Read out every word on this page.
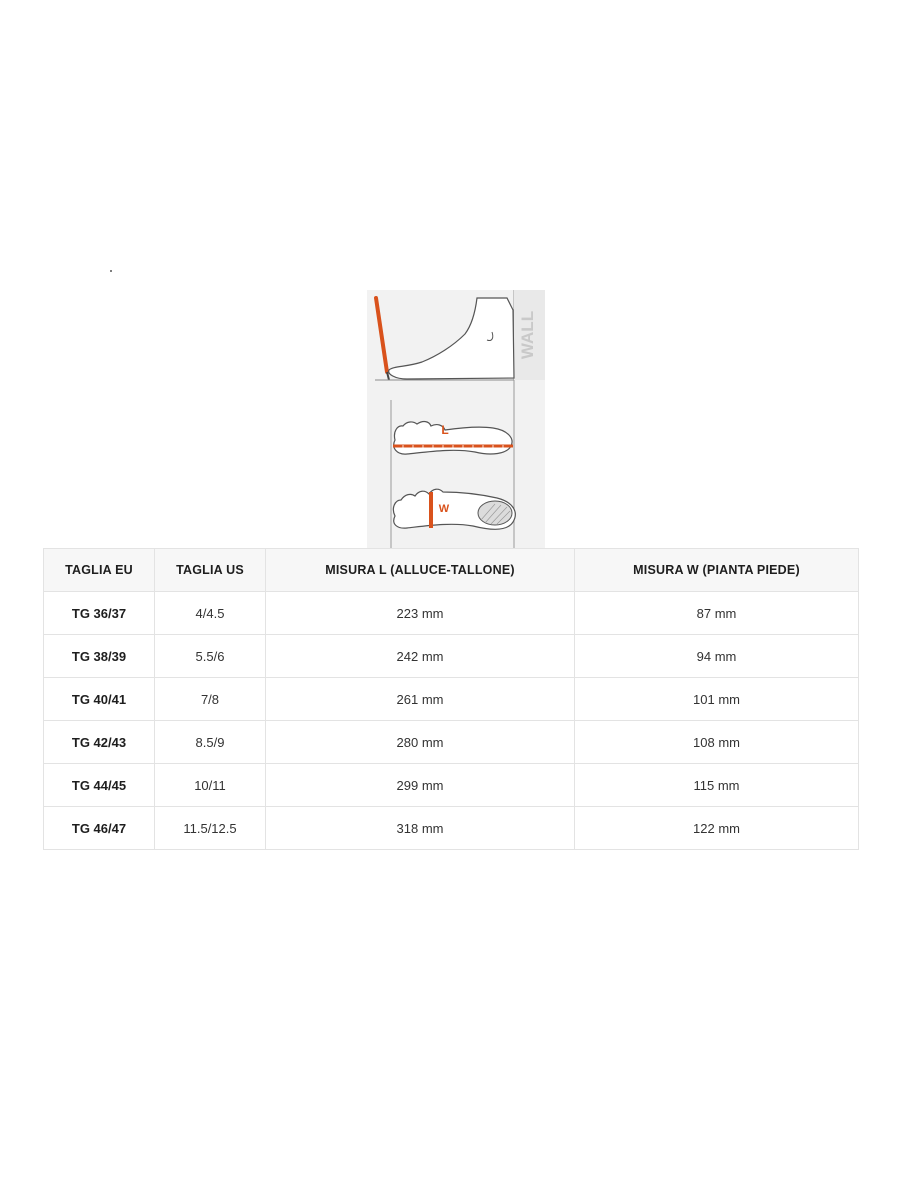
WALL
L
W
TAGLIA EU	TAGLIA US	MISURA L (ALLUCE-TALLONE)	MISURA W (PIANTA PIEDE)
TG 36/37	4/4.5	223 mm	87 mm
TG 38/39	5.5/6	242 mm	94 mm
TG 40/41	7/8	261 mm	101 mm
TG 42/43	8.5/9	280 mm	108 mm
TG 44/45	10/11	299 mm	115 mm
TG 46/47	11.5/12.5	318 mm	122 mm
